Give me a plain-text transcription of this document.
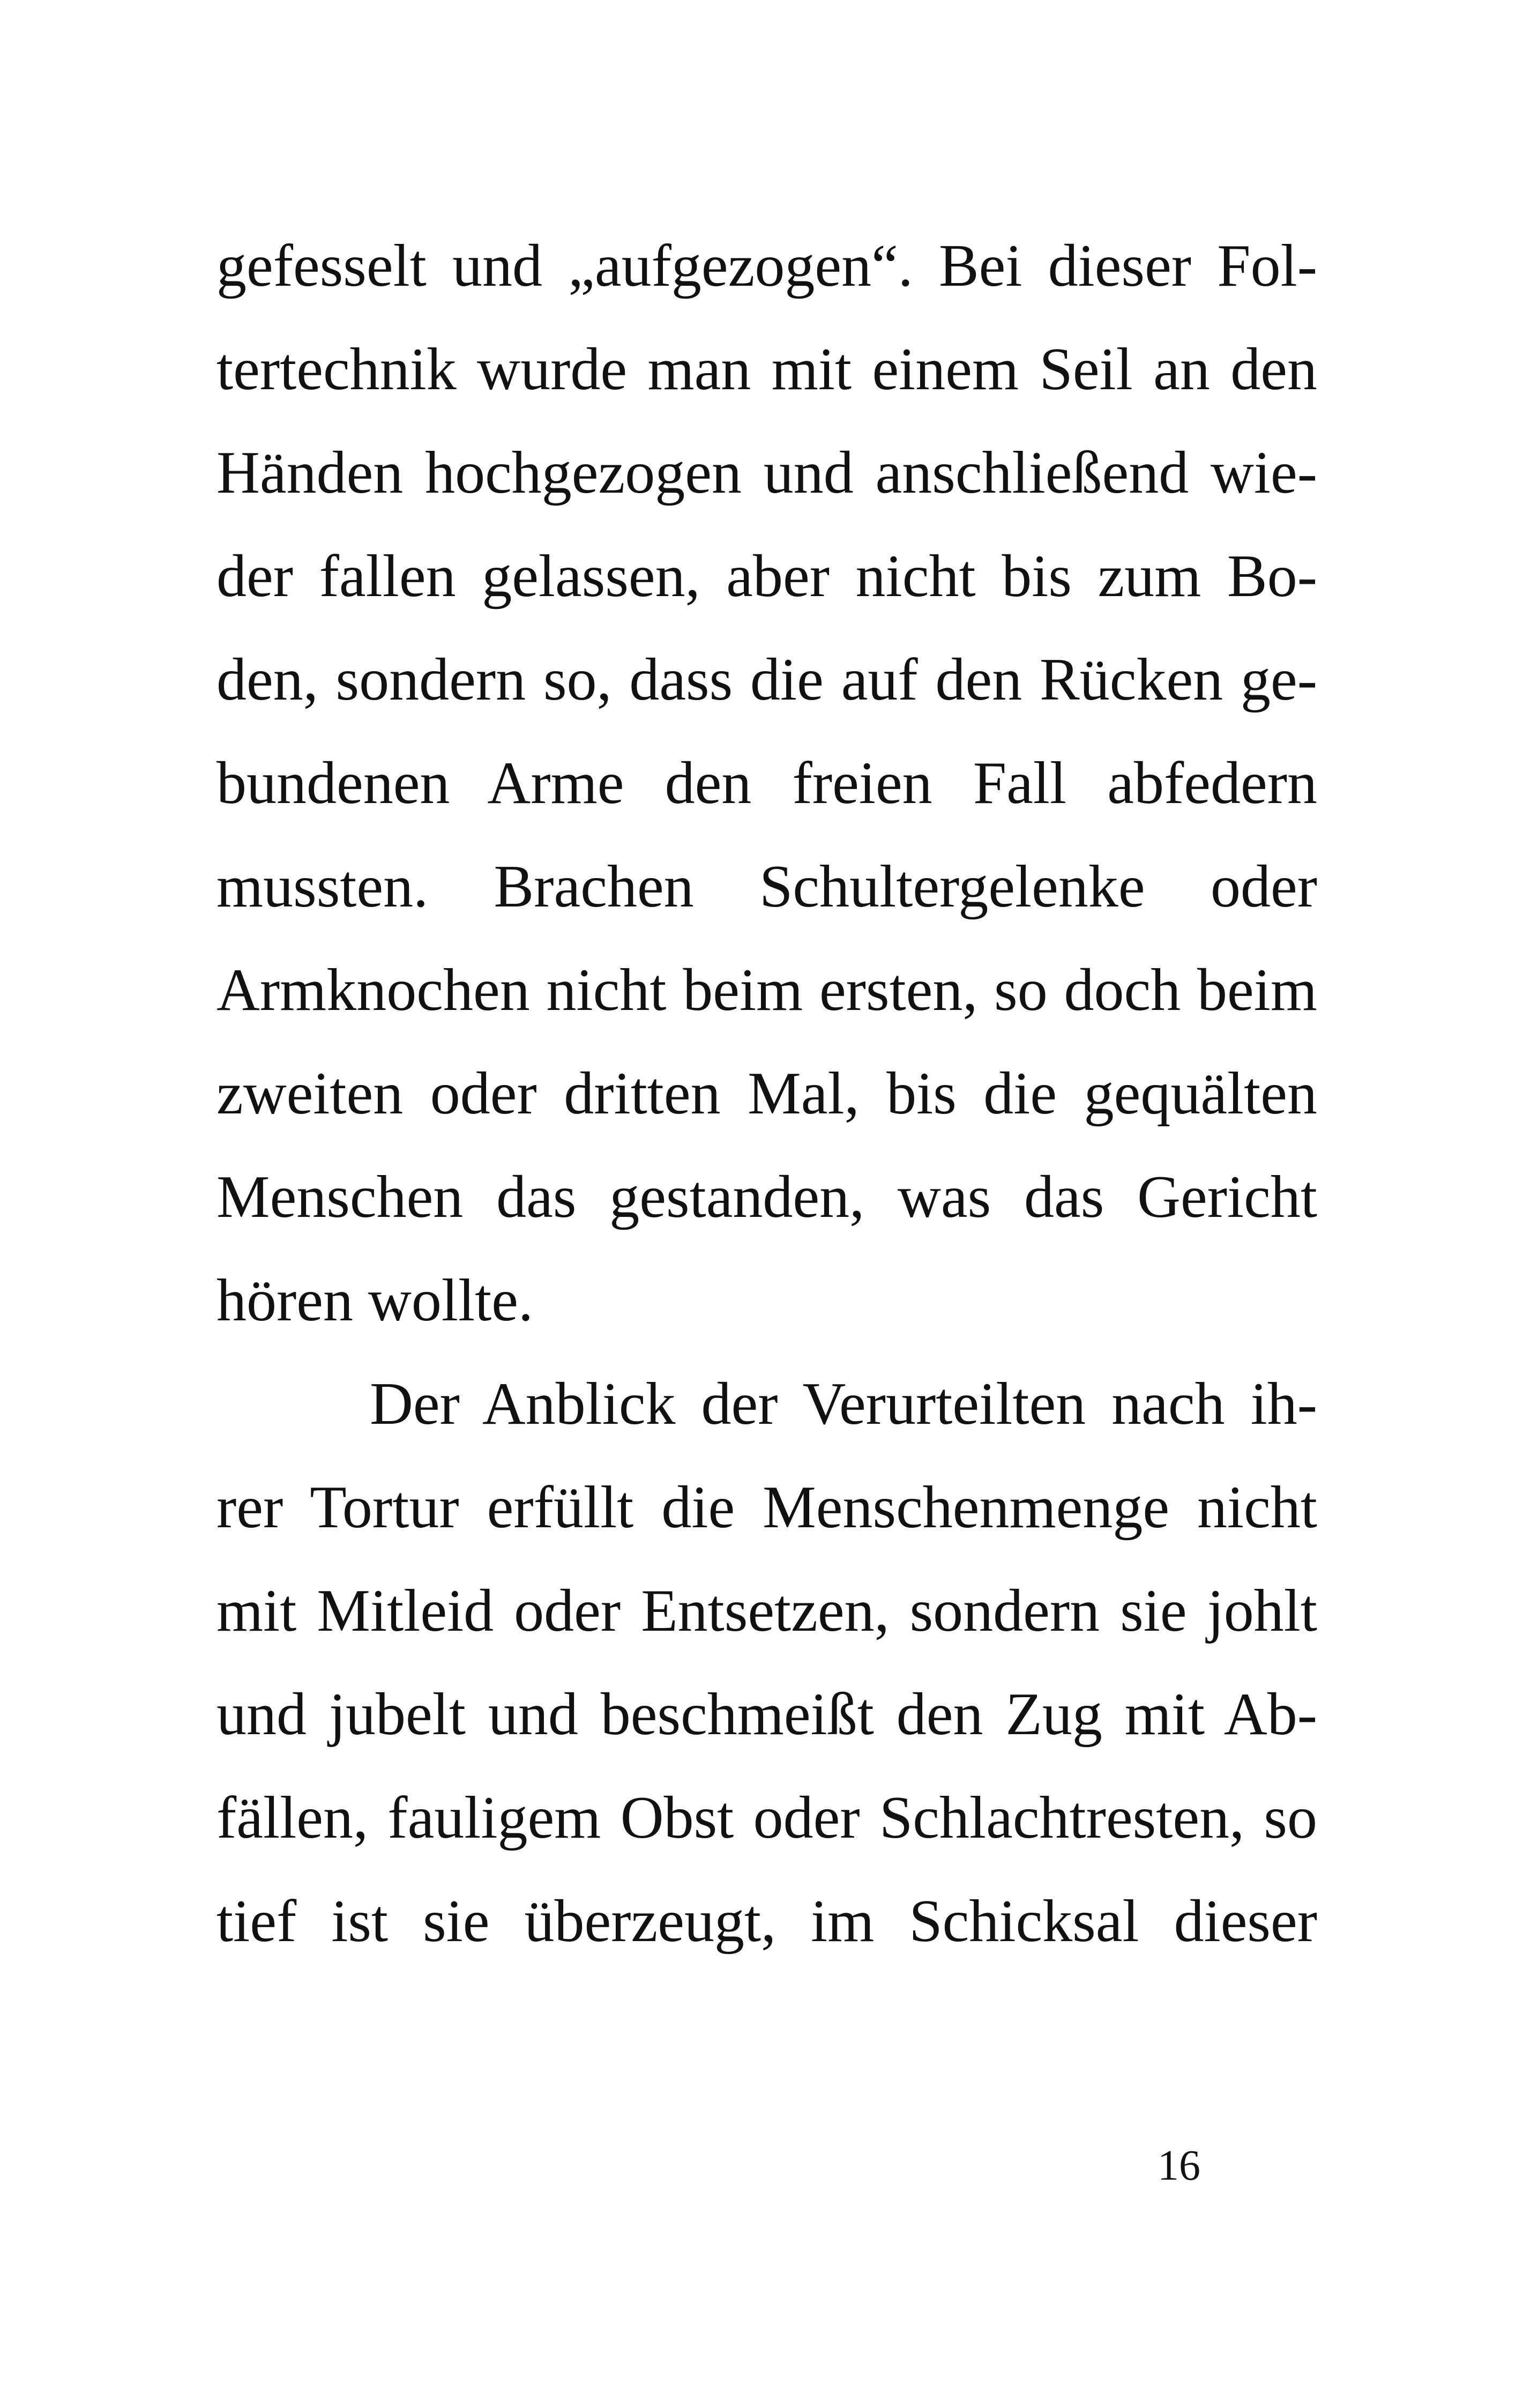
gefesselt und „aufgezogen“. Bei dieser Fol-
tertechnik wurde man mit einem Seil an den
Händen hochgezogen und anschließend wie-
der fallen gelassen, aber nicht bis zum Bo-
den, sondern so, dass die auf den Rücken ge-
bundenen Arme den freien Fall abfedern
mussten. Brachen Schultergelenke oder
Armknochen nicht beim ersten, so doch beim
zweiten oder dritten Mal, bis die gequälten
Menschen das gestanden, was das Gericht
hören wollte.
Der Anblick der Verurteilten nach ih-
rer Tortur erfüllt die Menschenmenge nicht
mit Mitleid oder Entsetzen, sondern sie johlt
und jubelt und beschmeißt den Zug mit Ab-
fällen, fauligem Obst oder Schlachtresten, so
tief ist sie überzeugt, im Schicksal dieser
16
